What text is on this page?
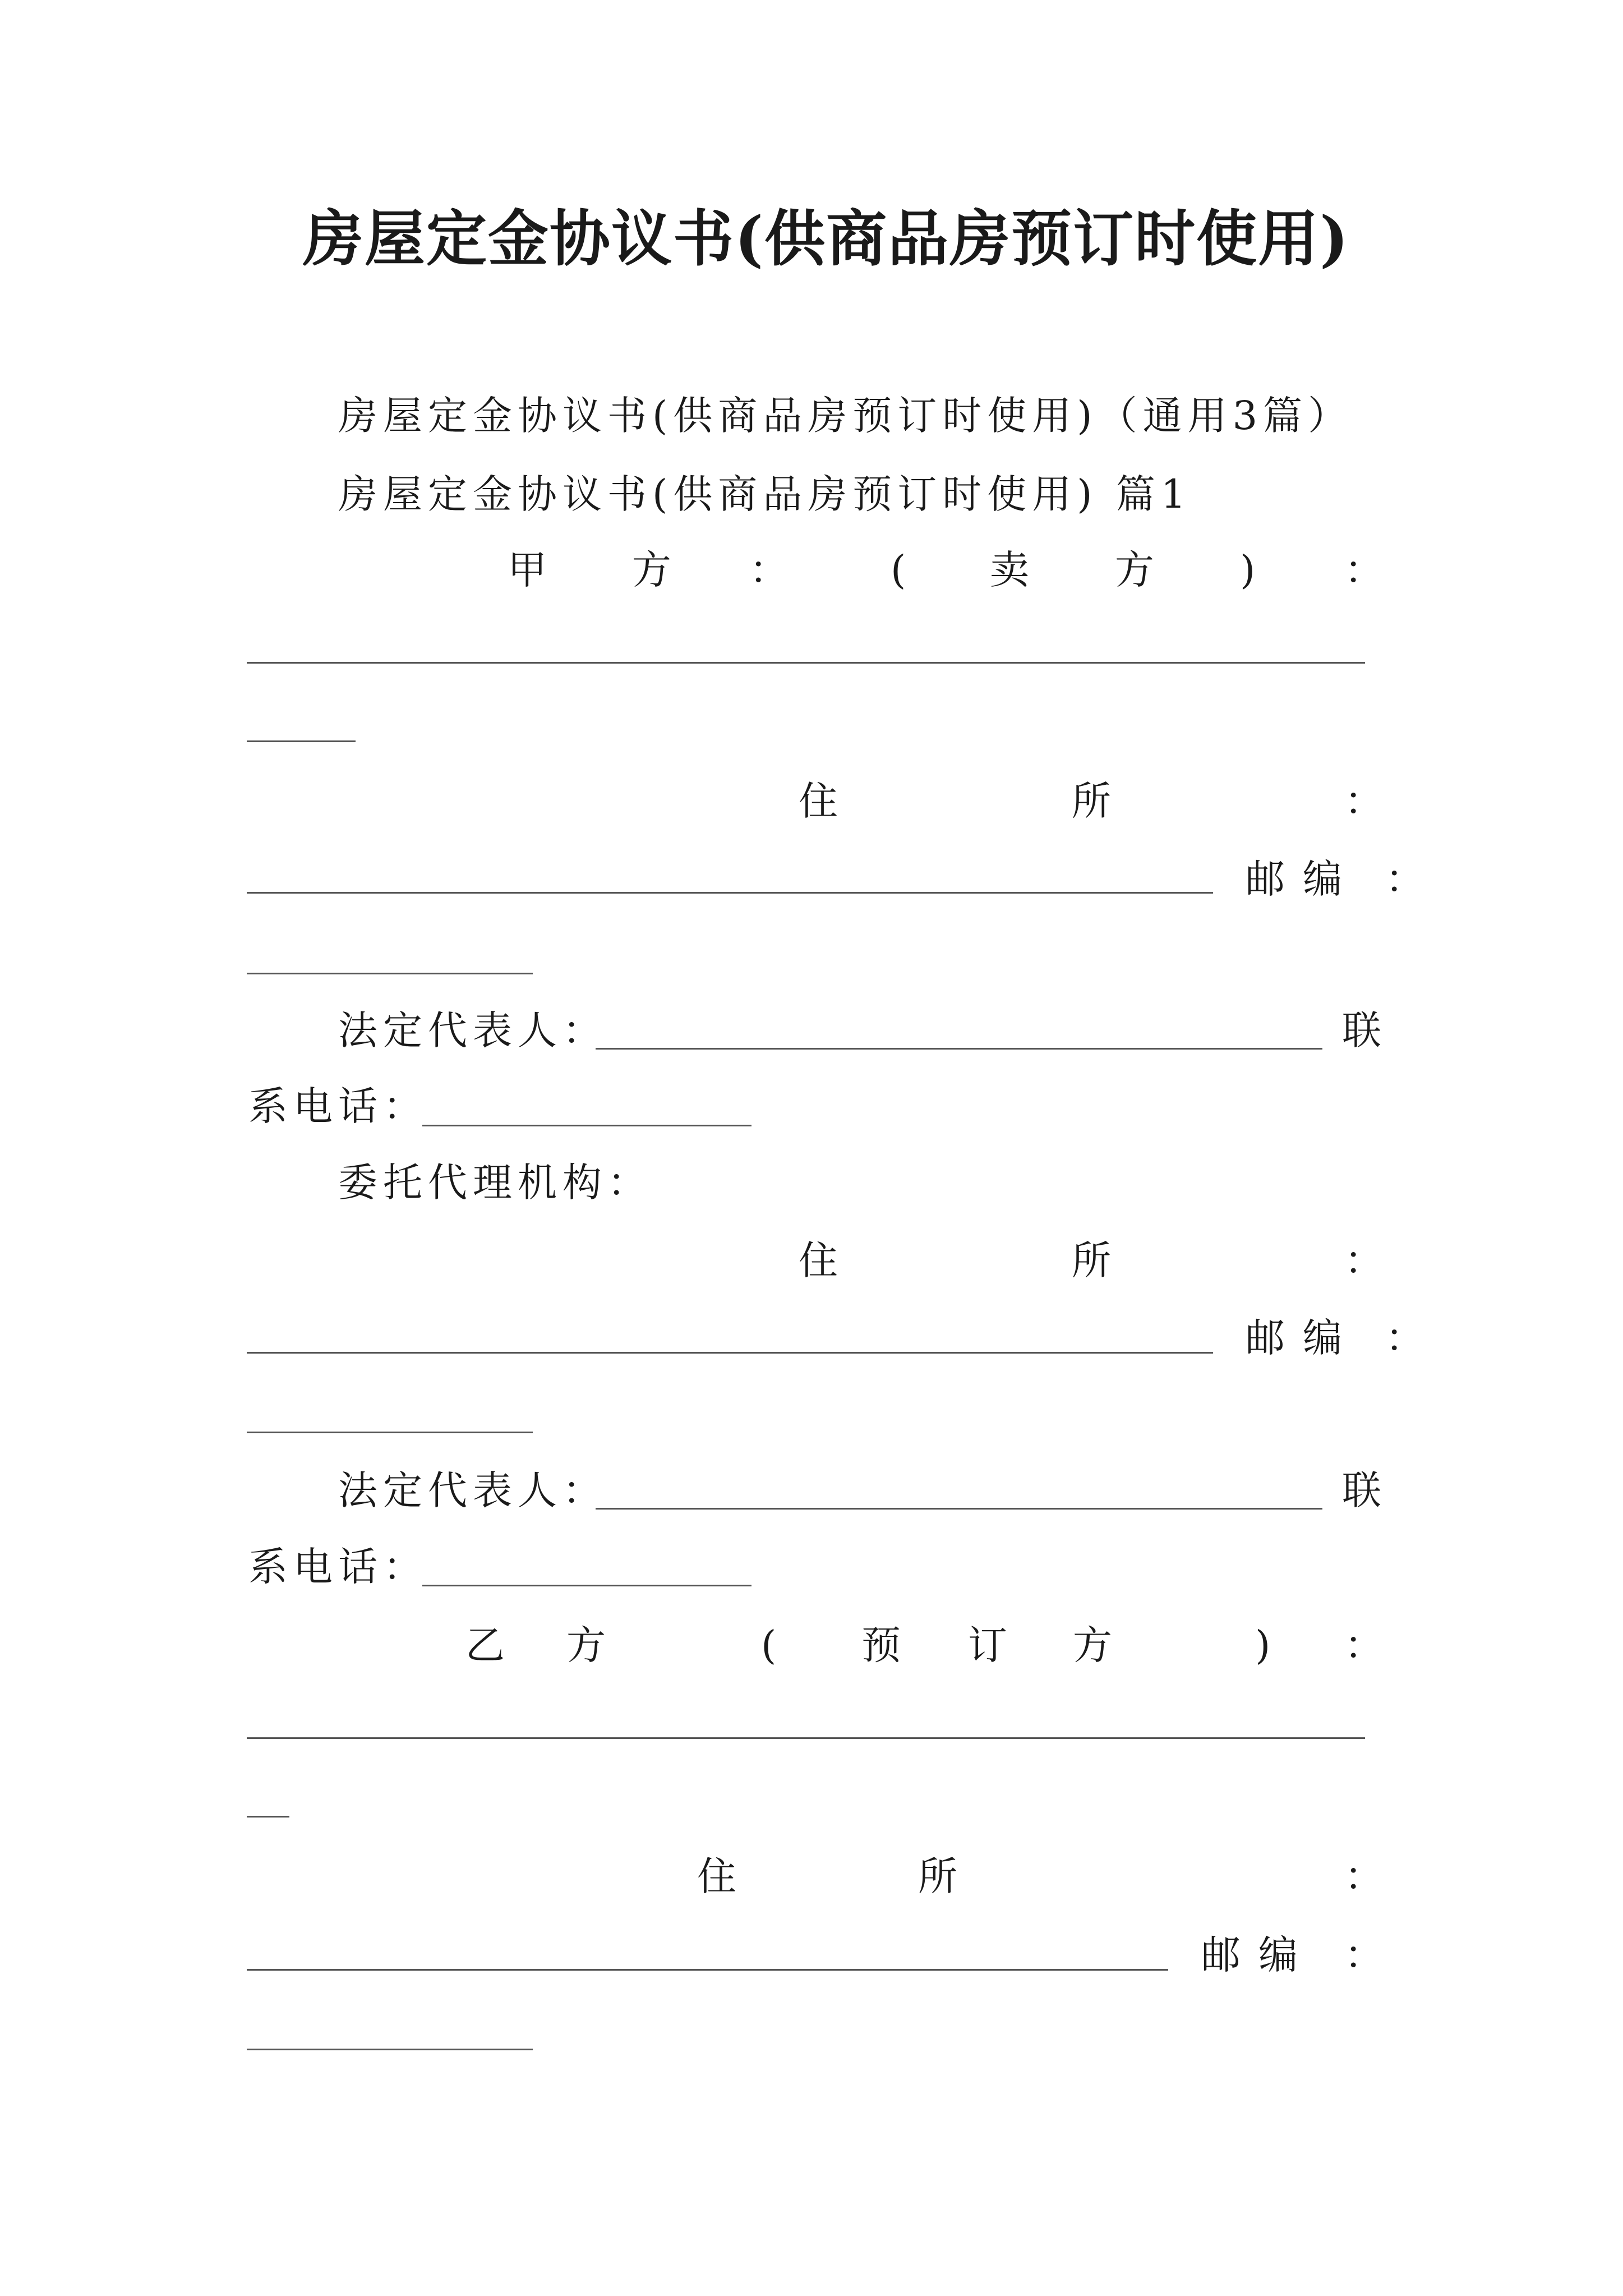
房屋定金协议书(供商品房预订时使用)
房屋定金协议书(供商品房预订时使用)（通用3篇）
房屋定金协议书(供商品房预订时使用) 篇1
甲 方 ： ( 卖 方 ) ：
住	所	：
邮编 ：
法定代表人：	联
系电话：
委托代理机构：
住	所	：
邮编 ：
法定代表人：	联
系电话：
乙 方	( 预 订 方	) ：
住	所	：
邮编 ：
